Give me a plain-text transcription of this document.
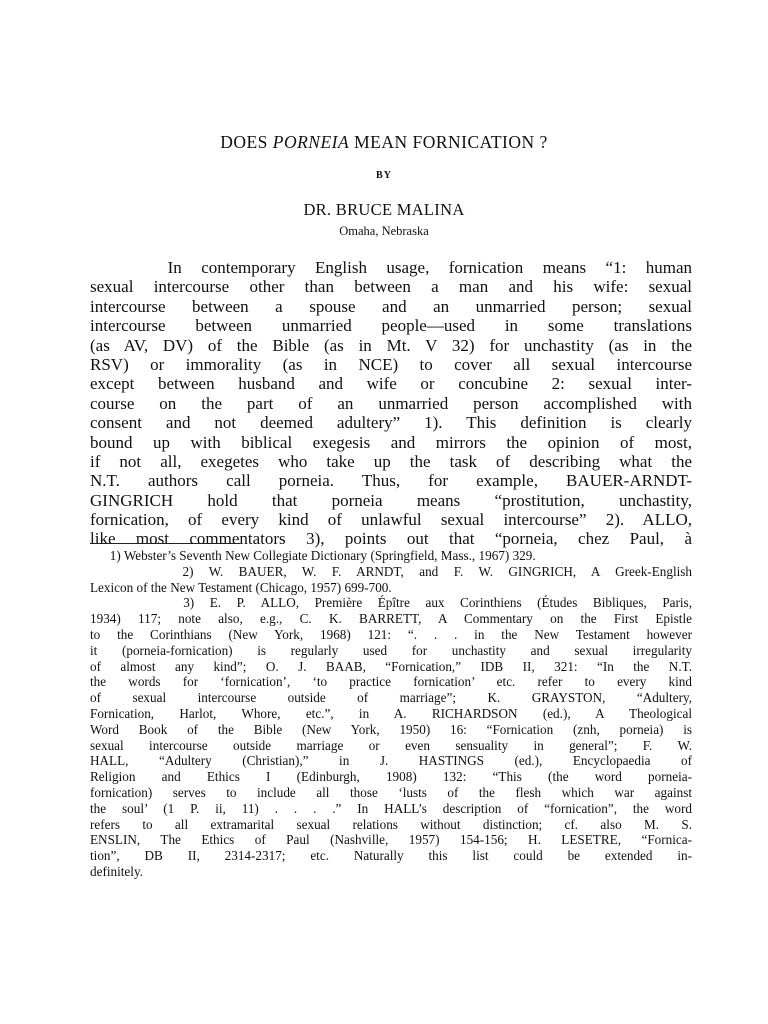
DOES PORNEIA MEAN FORNICATION ?
BY
DR. BRUCE MALINA
Omaha, Nebraska
In contemporary English usage, fornication means “1: human
sexual intercourse other than between a man and his wife: sexual
intercourse between a spouse and an unmarried person; sexual
intercourse between unmarried people—used in some translations
(as AV, DV) of the Bible (as in Mt. V 32) for unchastity (as in the
RSV) or immorality (as in NCE) to cover all sexual intercourse
except between husband and wife or concubine 2: sexual inter-
course on the part of an unmarried person accomplished with
consent and not deemed adultery” 1). This definition is clearly
bound up with biblical exegesis and mirrors the opinion of most,
if not all, exegetes who take up the task of describing what the
N.T. authors call porneia. Thus, for example, BAUER-ARNDT-
GINGRICH hold that porneia means “prostitution, unchastity,
fornication, of every kind of unlawful sexual intercourse” 2). ALLO,
like most commentators 3), points out that “porneia, chez Paul, à
1) Webster’s Seventh New Collegiate Dictionary (Springfield, Mass., 1967) 329.
2) W. BAUER, W. F. ARNDT, and F. W. GINGRICH, A Greek-English
Lexicon of the New Testament (Chicago, 1957) 699-700.
3) E. P. ALLO, Première Épître aux Corinthiens (Études Bibliques, Paris,
1934) 117; note also, e.g., C. K. BARRETT, A Commentary on the First Epistle
to the Corinthians (New York, 1968) 121: “. . . in the New Testament however
it (porneia-fornication) is regularly used for unchastity and sexual irregularity
of almost any kind”; O. J. BAAB, “Fornication,” IDB II, 321: “In the N.T.
the words for ‘fornication’, ‘to practice fornication’ etc. refer to every kind
of sexual intercourse outside of marriage”; K. GRAYSTON, “Adultery,
Fornication, Harlot, Whore, etc.”, in A. RICHARDSON (ed.), A Theological
Word Book of the Bible (New York, 1950) 16: “Fornication (znh, porneia) is
sexual intercourse outside marriage or even sensuality in general”; F. W.
HALL, “Adultery (Christian),” in J. HASTINGS (ed.), Encyclopaedia of
Religion and Ethics I (Edinburgh, 1908) 132: “This (the word porneia-
fornication) serves to include all those ‘lusts of the flesh which war against
the soul’ (1 P. ii, 11) . . . .” In HALL’s description of “fornication”, the word
refers to all extramarital sexual relations without distinction; cf. also M. S.
ENSLIN, The Ethics of Paul (Nashville, 1957) 154-156; H. LESETRE, “Fornica-
tion”, DB II, 2314-2317; etc. Naturally this list could be extended in-
definitely.
